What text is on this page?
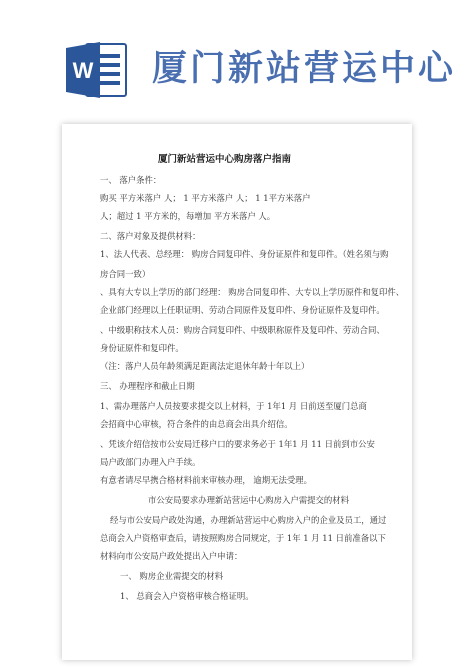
W 厦门新站营运中心
厦门新站营运中心购房落户指南
一、 落户条件：
购买 平方米落户 人； 1 平方米落户 人； 1 1平方米落户
人；超过 1 平方米的，每增加 平方米落户 人。
二、落户对象及提供材料：
1、法人代表、总经理： 购房合同复印件、身份证原件和复印件。（姓名须与购
房合同一致）
、具有大专以上学历的部门经理： 购房合同复印件、大专以上学历原件和复印件、
企业部门经理以上任职证明、劳动合同原件及复印件、身份证原件及复印件。
、中级职称技术人员：购房合同复印件、中级职称原件及复印件、劳动合同、
身份证原件和复印件。
（注：落户人员年龄须满足距离法定退休年龄十年以上）
三、 办理程序和截止日期
1、需办理落户人员按要求提交以上材料，于 1年1 月 日前送至厦门总商
会招商中心审核，符合条件的由总商会出具介绍信。
、凭该介绍信按市公安局迁移户口的要求务必于 1年1 月 11 日前到市公安
局户政部门办理入户手续。
有意者请尽早携合格材料前来审核办理， 逾期无法受理。
市公安局要求办理新站营运中心购房入户需提交的材料
经与市公安局户政处沟通，办理新站营运中心购房入户的企业及员工，通过
总商会入户资格审查后，请按照购房合同规定，于 1年 1 月 11 日前准备以下
材料向市公安局户政处提出入户申请：
一、 购房企业需提交的材料
1、 总商会入户资格审核合格证明。
